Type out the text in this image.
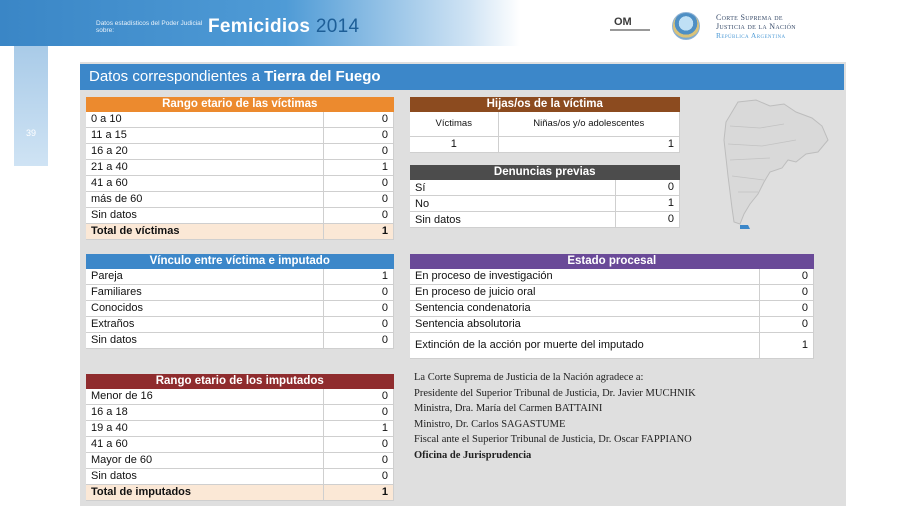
Datos estadísticos del Poder Judicial sobre:	Femicidios 2014	OM	Corte Suprema de
Justicia de la Nación
República Argentina
39
Datos correspondientes a Tierra del Fuego
Rango etario de las víctimas	
0 a 10	0
11 a 15	0
16 a 20	0
21 a 40	1
41 a 60	0
más de 60	0
Sin datos	0
Total de víctimas	1
Hijas/os de la víctima	
Víctimas	Niñas/os y/o adolescentes
1	1
Denuncias previas	
Sí	0
No	1
Sin datos	0
Vínculo entre víctima e imputado	
Pareja	1
Familiares	0
Conocidos	0
Extraños	0
Sin datos	0
Estado procesal	
En proceso de investigación	0
En proceso de juicio oral	0
Sentencia condenatoria	0
Sentencia absolutoria	0
Extinción de la acción por muerte del imputado	1
Rango etario de los imputados	
Menor de 16	0
16 a 18	0
19 a 40	1
41 a 60	0
Mayor de 60	0
Sin datos	0
Total de imputados	1

La Corte Suprema de Justicia de la Nación agradece a:

Presidente del Superior Tribunal de Justicia, Dr. Javier MUCHNIK

Ministra, Dra. María del Carmen BATTAINI

Ministro, Dr. Carlos SAGASTUME

Fiscal ante el Superior Tribunal de Justicia, Dr. Oscar FAPPIANO

Oficina de Jurisprudencia
